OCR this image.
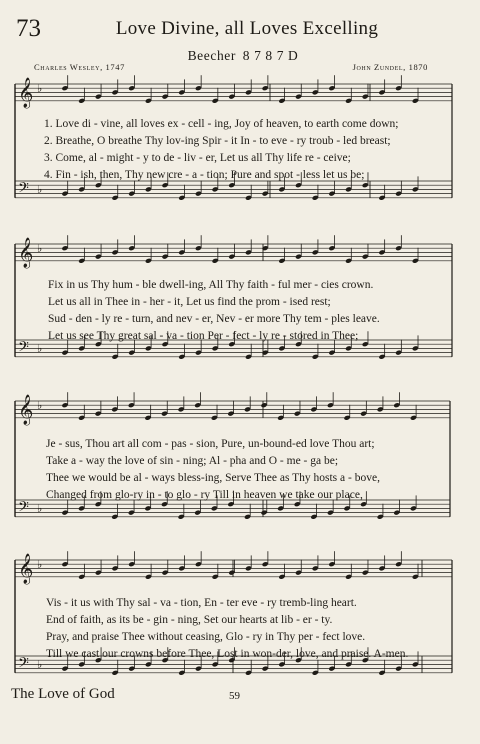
73	Love Divine, all Loves Excelling
Beecher 8 7 8 7 D
Charles Wesley, 1747	John Zundel, 1870
𝄞 ♭
𝄢 ♭
𝄞 ♭
𝄢 ♭
𝄞 ♭
𝄢 ♭
𝄞 ♭
𝄢 ♭
1. Love di - vine, all loves ex - cell - ing, Joy of heaven, to earth come down;
2. Breathe, O breathe Thy lov-ing Spir - it In - to eve - ry troub - led breast;
3. Come, al - might - y to de - liv - er, Let us all Thy life re - ceive;
4. Fin - ish, then, Thy new cre - a - tion; Pure and spot - less let us be;
Fix in us Thy hum - ble dwell-ing, All Thy faith - ful mer - cies crown.
Let us all in Thee in - her - it, Let us find the prom - ised rest;
Sud - den - ly re - turn, and nev - er, Nev - er more Thy tem - ples leave.
Let us see Thy great sal - va - tion Per - fect - ly re - stored in Thee;
Je - sus, Thou art all com - pas - sion, Pure, un-bound-ed love Thou art;
Take a - way the love of sin - ning; Al - pha and O - me - ga be;
Thee we would be al - ways bless-ing, Serve Thee as Thy hosts a - bove,
Changed from glo-ry in - to glo - ry Till in heaven we take our place,
Vis - it us with Thy sal - va - tion, En - ter eve - ry tremb-ling heart.
End of faith, as its be - gin - ning, Set our hearts at lib - er - ty.
Pray, and praise Thee without ceasing, Glo - ry in Thy per - fect love.
Till we cast our crowns before Thee, Lost in won-der, love, and praise. A-men.
The Love of God	59
